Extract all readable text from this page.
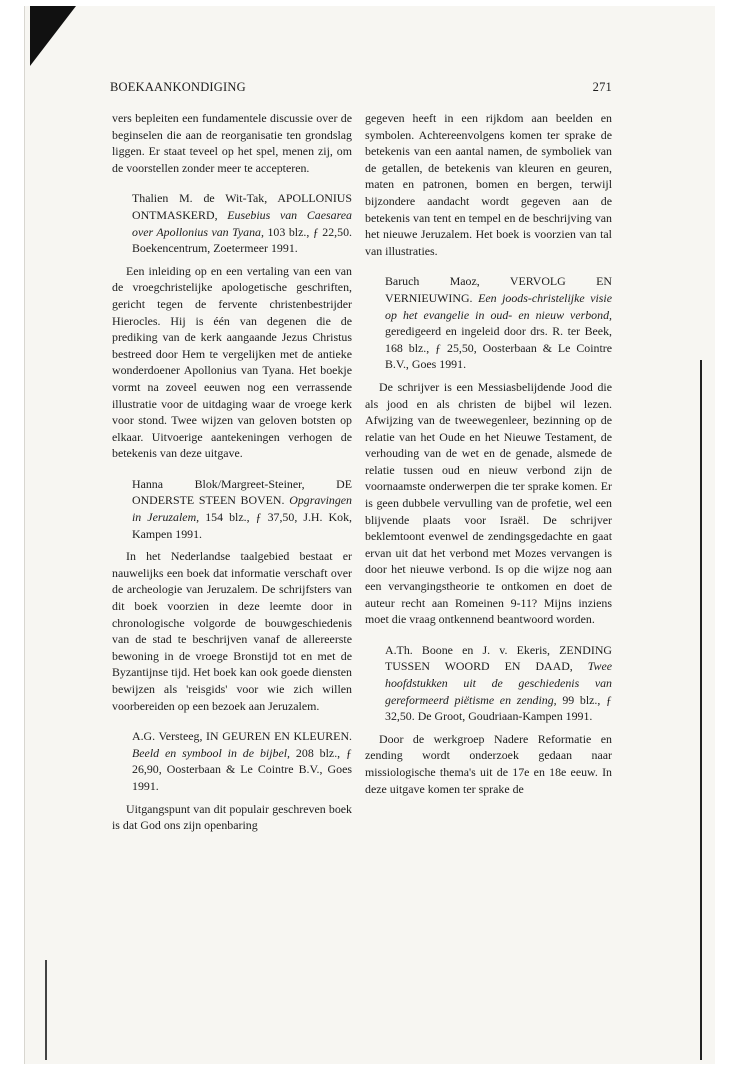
BOEKAANKONDIGING	271

vers bepleiten een fundamentele discussie over de beginselen die aan de reorganisatie ten grondslag liggen. Er staat teveel op het spel, menen zij, om de voorstellen zonder meer te accepteren.

Thalien M. de Wit-Tak, APOLLONIUS ONTMASKERD, Eusebius van Caesarea over Apollonius van Tyana, 103 blz., ƒ 22,50. Boekencentrum, Zoetermeer 1991.

Een inleiding op en een vertaling van een van de vroegchristelijke apologetische geschriften, gericht tegen de fervente christenbestrijder Hierocles. Hij is één van degenen die de prediking van de kerk aangaande Jezus Christus bestreed door Hem te vergelijken met de antieke wonderdoener Apollonius van Tyana. Het boekje vormt na zoveel eeuwen nog een verrassende illustratie voor de uitdaging waar de vroege kerk voor stond. Twee wijzen van geloven botsten op elkaar. Uitvoerige aantekeningen verhogen de betekenis van deze uitgave.

Hanna Blok/Margreet-Steiner, DE ONDERSTE STEEN BOVEN. Opgravingen in Jeruzalem, 154 blz., ƒ 37,50, J.H. Kok, Kampen 1991.

In het Nederlandse taalgebied bestaat er nauwelijks een boek dat informatie verschaft over de archeologie van Jeruzalem. De schrijfsters van dit boek voorzien in deze leemte door in chronologische volgorde de bouwgeschiedenis van de stad te beschrijven vanaf de allereerste bewoning in de vroege Bronstijd tot en met de Byzantijnse tijd. Het boek kan ook goede diensten bewijzen als 'reisgids' voor wie zich willen voorbereiden op een bezoek aan Jeruzalem.

A.G. Versteeg, IN GEUREN EN KLEUREN. Beeld en symbool in de bijbel, 208 blz., ƒ 26,90, Oosterbaan & Le Cointre B.V., Goes 1991.

Uitgangspunt van dit populair geschreven boek is dat God ons zijn openbaring

gegeven heeft in een rijkdom aan beelden en symbolen. Achtereenvolgens komen ter sprake de betekenis van een aantal namen, de symboliek van de getallen, de betekenis van kleuren en geuren, maten en patronen, bomen en bergen, terwijl bijzondere aandacht wordt gegeven aan de betekenis van tent en tempel en de beschrijving van het nieuwe Jeruzalem. Het boek is voorzien van tal van illustraties.

Baruch Maoz, VERVOLG EN VERNIEUWING. Een joods-christelijke visie op het evangelie in oud- en nieuw verbond, geredigeerd en ingeleid door drs. R. ter Beek, 168 blz., ƒ 25,50, Oosterbaan & Le Cointre B.V., Goes 1991.

De schrijver is een Messiasbelijdende Jood die als jood en als christen de bijbel wil lezen. Afwijzing van de tweewegenleer, bezinning op de relatie van het Oude en het Nieuwe Testament, de verhouding van de wet en de genade, alsmede de relatie tussen oud en nieuw verbond zijn de voornaamste onderwerpen die ter sprake komen. Er is geen dubbele vervulling van de profetie, wel een blijvende plaats voor Israël. De schrijver beklemtoont evenwel de zendingsgedachte en gaat ervan uit dat het verbond met Mozes vervangen is door het nieuwe verbond. Is op die wijze nog aan een vervangingstheorie te ontkomen en doet de auteur recht aan Romeinen 9-11? Mijns inziens moet die vraag ontkennend beantwoord worden.

A.Th. Boone en J. v. Ekeris, ZENDING TUSSEN WOORD EN DAAD, Twee hoofdstukken uit de geschiedenis van gereformeerd piëtisme en zending, 99 blz., ƒ 32,50. De Groot, Goudriaan-Kampen 1991.

Door de werkgroep Nadere Reformatie en zending wordt onderzoek gedaan naar missiologische thema's uit de 17e en 18e eeuw. In deze uitgave komen ter sprake de
